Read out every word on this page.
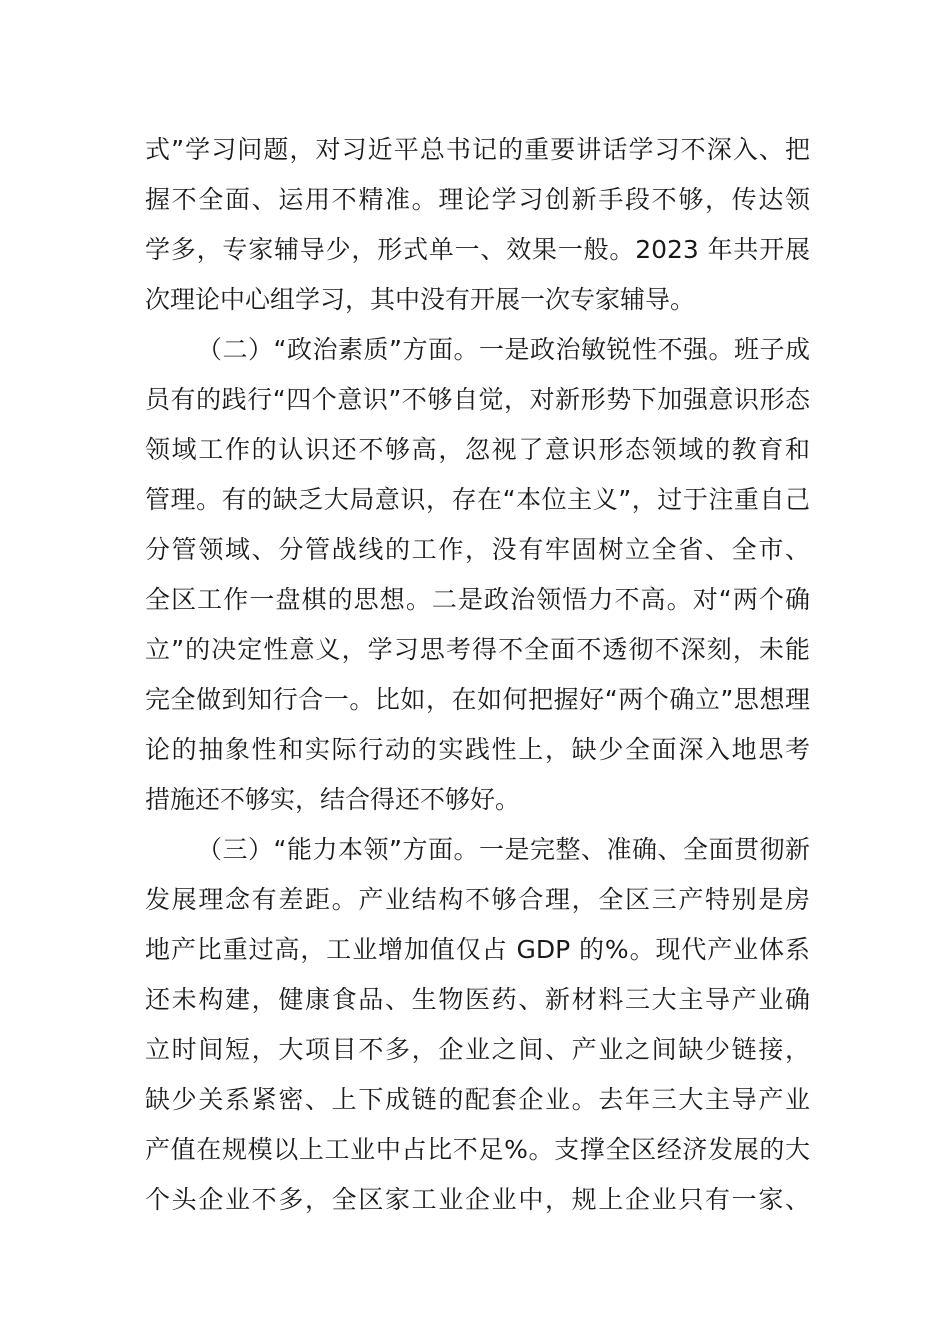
式”学习问题，对习近平总书记的重要讲话学习不深入、把
握不全面、运用不精准。理论学习创新手段不够，传达领
学多，专家辅导少，形式单一、效果一般。2023 年共开展
次理论中心组学习，其中没有开展一次专家辅导。
（二）“政治素质”方面。一是政治敏锐性不强。班子成
员有的践行“四个意识”不够自觉，对新形势下加强意识形态
领域工作的认识还不够高，忽视了意识形态领域的教育和
管理。有的缺乏大局意识，存在“本位主义”，过于注重自己
分管领域、分管战线的工作，没有牢固树立全省、全市、
全区工作一盘棋的思想。二是政治领悟力不高。对“两个确
立”的决定性意义，学习思考得不全面不透彻不深刻，未能
完全做到知行合一。比如，在如何把握好“两个确立”思想理
论的抽象性和实际行动的实践性上，缺少全面深入地思考
措施还不够实，结合得还不够好。
（三）“能力本领”方面。一是完整、准确、全面贯彻新
发展理念有差距。产业结构不够合理，全区三产特别是房
地产比重过高，工业增加值仅占 GDP 的%。现代产业体系
还未构建，健康食品、生物医药、新材料三大主导产业确
立时间短，大项目不多，企业之间、产业之间缺少链接，
缺少关系紧密、上下成链的配套企业。去年三大主导产业
产值在规模以上工业中占比不足%。支撑全区经济发展的大
个头企业不多，全区家工业企业中，规上企业只有一家、
